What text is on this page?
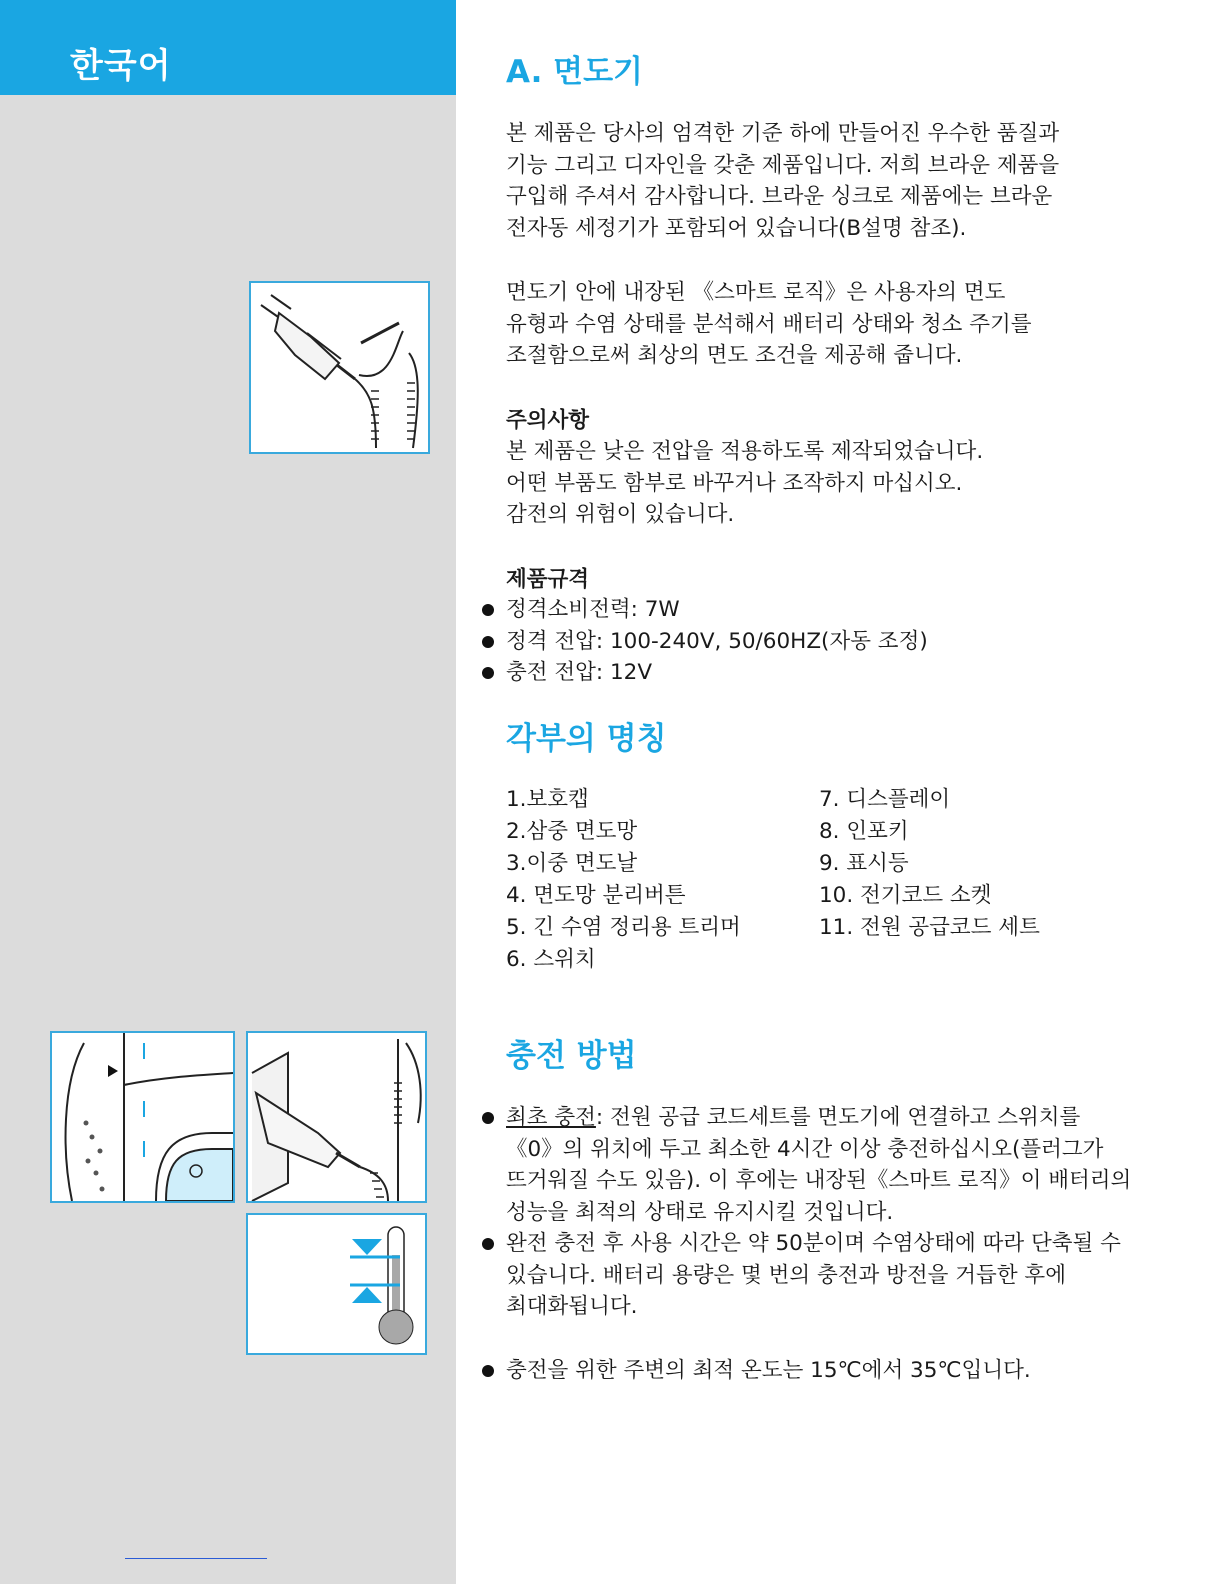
한국어	A. 면도기
본 제품은 당사의 엄격한 기준 하에 만들어진 우수한 품질과
기능 그리고 디자인을 갖춘 제품입니다. 저희 브라운 제품을
구입해 주셔서 감사합니다. 브라운 싱크로 제품에는 브라운
전자동 세정기가 포함되어 있습니다(B설명 참조).
면도기 안에 내장된 《스마트 로직》은 사용자의 면도
유형과 수염 상태를 분석해서 배터리 상태와 청소 주기를
조절함으로써 최상의 면도 조건을 제공해 줍니다.
주의사항
본 제품은 낮은 전압을 적용하도록 제작되었습니다.
어떤 부품도 함부로 바꾸거나 조작하지 마십시오.
감전의 위험이 있습니다.
제품규격
정격소비전력: 7W
정격 전압: 100-240V, 50/60HZ(자동 조정)
충전 전압: 12V
각부의 명칭
1.보호캡
2.삼중 면도망
3.이중 면도날
4. 면도망 분리버튼
5. 긴 수염 정리용 트리머
6. 스위치
7. 디스플레이
8. 인포키
9. 표시등
10. 전기코드 소켓
11. 전원 공급코드 세트
충전 방법
최초 충전: 전원 공급 코드세트를 면도기에 연결하고 스위치를
《0》의 위치에 두고 최소한 4시간 이상 충전하십시오(플러그가
뜨거워질 수도 있음). 이 후에는 내장된《스마트 로직》이 배터리의
성능을 최적의 상태로 유지시킬 것입니다.
완전 충전 후 사용 시간은 약 50분이며 수염상태에 따라 단축될 수
있습니다. 배터리 용량은 몇 번의 충전과 방전을 거듭한 후에
최대화됩니다.
충전을 위한 주변의 최적 온도는 15℃에서 35℃입니다.
